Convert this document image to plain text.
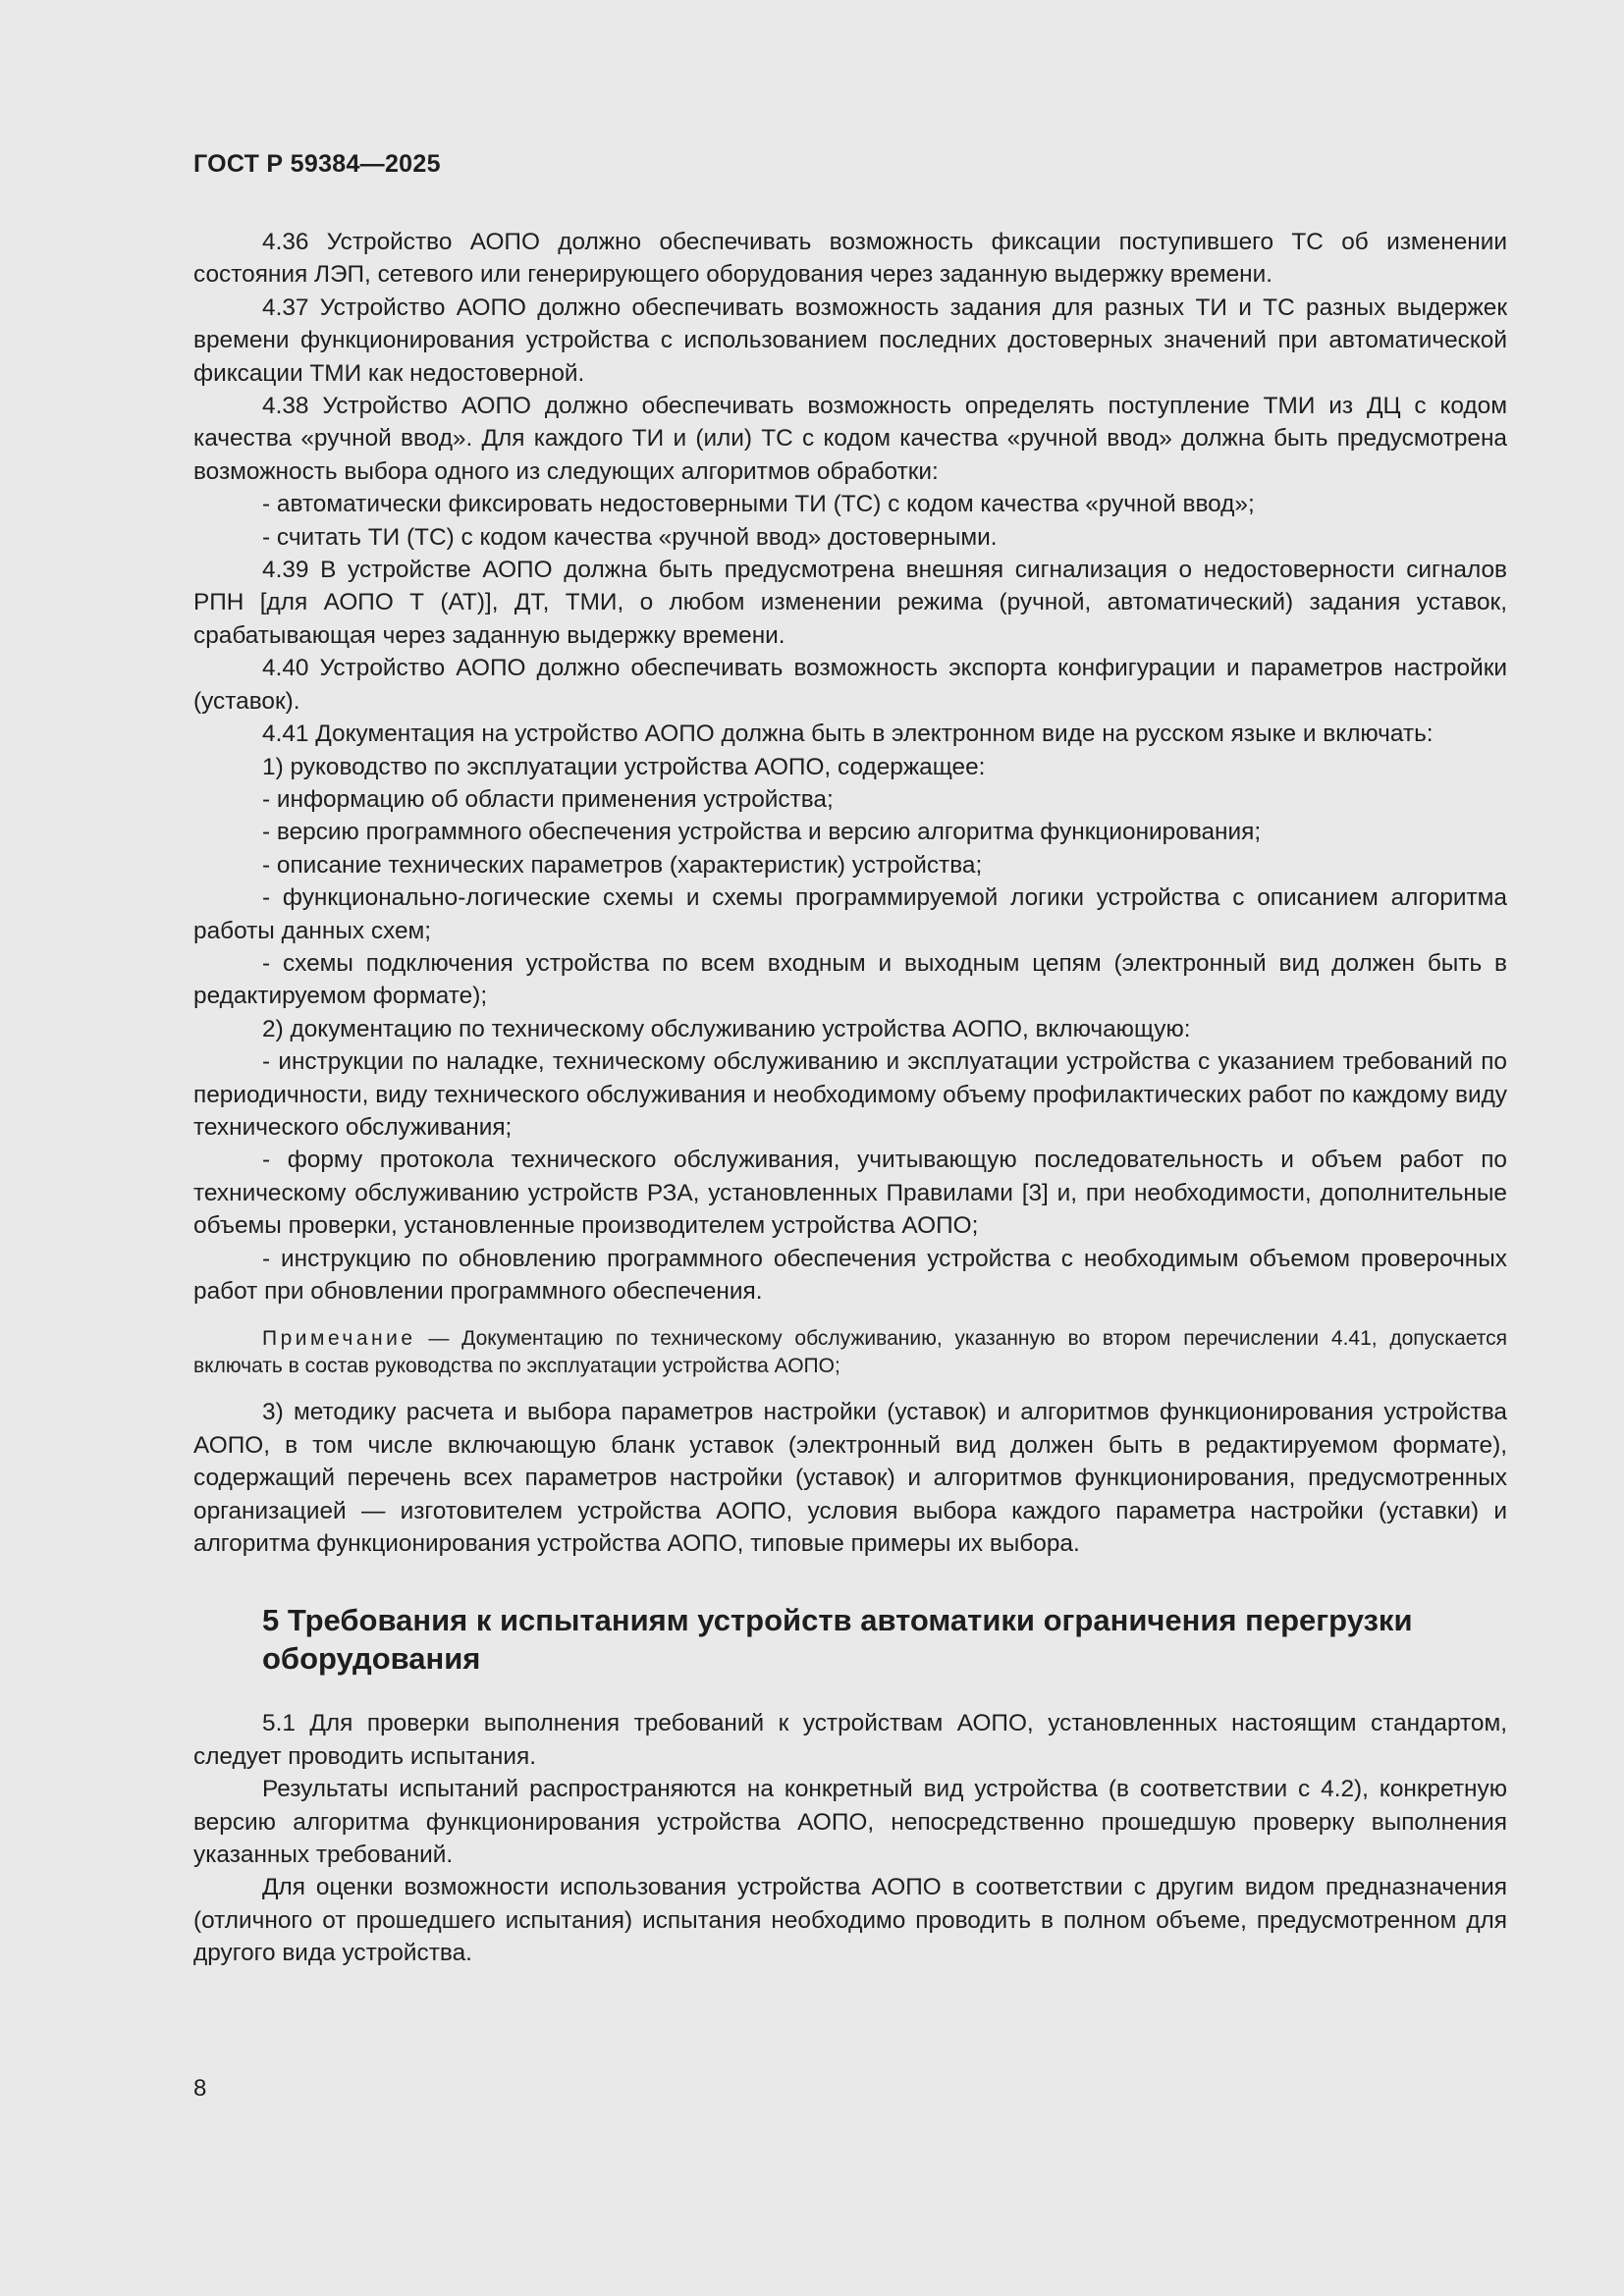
ГОСТ Р 59384—2025

4.36 Устройство АОПО должно обеспечивать возможность фиксации поступившего ТС об изменении состояния ЛЭП, сетевого или генерирующего оборудования через заданную выдержку времени.

4.37 Устройство АОПО должно обеспечивать возможность задания для разных ТИ и ТС разных выдержек времени функционирования устройства с использованием последних достоверных значений при автоматической фиксации ТМИ как недостоверной.

4.38 Устройство АОПО должно обеспечивать возможность определять поступление ТМИ из ДЦ с кодом качества «ручной ввод». Для каждого ТИ и (или) ТС с кодом качества «ручной ввод» должна быть предусмотрена возможность выбора одного из следующих алгоритмов обработки:

- автоматически фиксировать недостоверными ТИ (ТС) с кодом качества «ручной ввод»;

- считать ТИ (ТС) с кодом качества «ручной ввод» достоверными.

4.39 В устройстве АОПО должна быть предусмотрена внешняя сигнализация о недостоверности сигналов РПН [для АОПО Т (АТ)], ДТ, ТМИ, о любом изменении режима (ручной, автоматический) задания уставок, срабатывающая через заданную выдержку времени.

4.40 Устройство АОПО должно обеспечивать возможность экспорта конфигурации и параметров настройки (уставок).

4.41 Документация на устройство АОПО должна быть в электронном виде на русском языке и включать:

1) руководство по эксплуатации устройства АОПО, содержащее:

- информацию об области применения устройства;

- версию программного обеспечения устройства и версию алгоритма функционирования;

- описание технических параметров (характеристик) устройства;

- функционально-логические схемы и схемы программируемой логики устройства с описанием алгоритма работы данных схем;

- схемы подключения устройства по всем входным и выходным цепям (электронный вид должен быть в редактируемом формате);

2) документацию по техническому обслуживанию устройства АОПО, включающую:

- инструкции по наладке, техническому обслуживанию и эксплуатации устройства с указанием требований по периодичности, виду технического обслуживания и необходимому объему профилактических работ по каждому виду технического обслуживания;

- форму протокола технического обслуживания, учитывающую последовательность и объем работ по техническому обслуживанию устройств РЗА, установленных Правилами [3] и, при необходимости, дополнительные объемы проверки, установленные производителем устройства АОПО;

- инструкцию по обновлению программного обеспечения устройства с необходимым объемом проверочных работ при обновлении программного обеспечения.

Примечание — Документацию по техническому обслуживанию, указанную во втором перечислении 4.41, допускается включать в состав руководства по эксплуатации устройства АОПО;

3) методику расчета и выбора параметров настройки (уставок) и алгоритмов функционирования устройства АОПО, в том числе включающую бланк уставок (электронный вид должен быть в редактируемом формате), содержащий перечень всех параметров настройки (уставок) и алгоритмов функционирования, предусмотренных организацией — изготовителем устройства АОПО, условия выбора каждого параметра настройки (уставки) и алгоритма функционирования устройства АОПО, типовые примеры их выбора.

5 Требования к испытаниям устройств автоматики ограничения перегрузки оборудования

5.1 Для проверки выполнения требований к устройствам АОПО, установленных настоящим стандартом, следует проводить испытания.

Результаты испытаний распространяются на конкретный вид устройства (в соответствии с 4.2), конкретную версию алгоритма функционирования устройства АОПО, непосредственно прошедшую проверку выполнения указанных требований.

Для оценки возможности использования устройства АОПО в соответствии с другим видом предназначения (отличного от прошедшего испытания) испытания необходимо проводить в полном объеме, предусмотренном для другого вида устройства.

8
